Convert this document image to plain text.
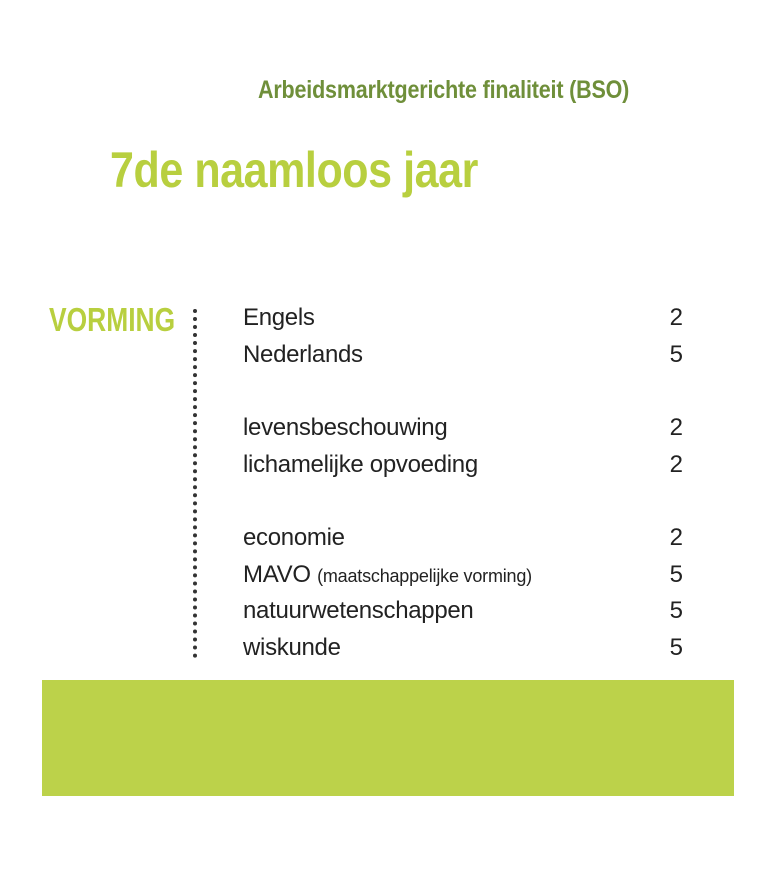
Arbeidsmarktgerichte finaliteit (BSO)
7de naamloos jaar
VORMING	Engels	2
Nederlands	5
levensbeschouwing	2
lichamelijke opvoeding	2
economie	2
MAVO (maatschappelijke vorming)	5
natuurwetenschappen	5
wiskunde	5
